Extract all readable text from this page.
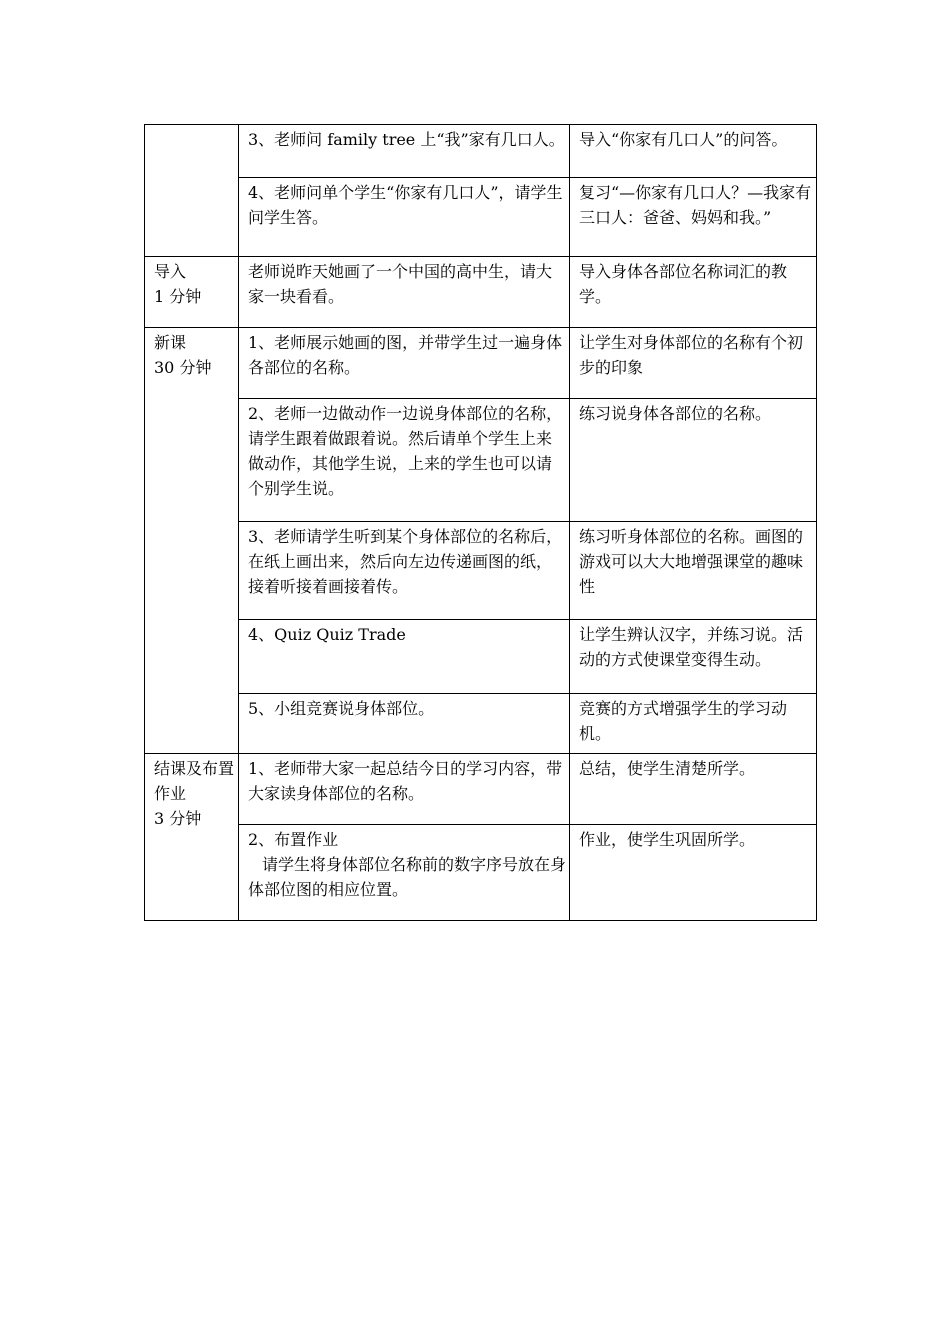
	3、老师问 family tree 上“我”家有几口人。	导入“你家有几口人”的问答。
	4、老师问单个学生“你家有几口人”，请学生问学生答。	复习“—你家有几口人？—我家有三口人：爸爸、妈妈和我。”

导入
1 分钟	老师说昨天她画了一个中国的高中生，请大家一块看看。	导入身体各部位名称词汇的教学。

新课
30 分钟	1、老师展示她画的图，并带学生过一遍身体各部位的名称。	让学生对身体部位的名称有个初步的印象
	2、老师一边做动作一边说身体部位的名称，请学生跟着做跟着说。然后请单个学生上来做动作，其他学生说，上来的学生也可以请个别学生说。	练习说身体各部位的名称。
	3、老师请学生听到某个身体部位的名称后，在纸上画出来，然后向左边传递画图的纸，接着听接着画接着传。	练习听身体部位的名称。画图的游戏可以大大地增强课堂的趣味性
	4、Quiz Quiz Trade	让学生辨认汉字，并练习说。活动的方式使课堂变得生动。
	5、小组竞赛说身体部位。	竞赛的方式增强学生的学习动机。

结课及布置作业
3 分钟	1、老师带大家一起总结今日的学习内容，带大家读身体部位的名称。	总结，使学生清楚所学。

	2、布置作业
请学生将身体部位名称前的数字序号放在身体部位图的相应位置。	作业，使学生巩固所学。
